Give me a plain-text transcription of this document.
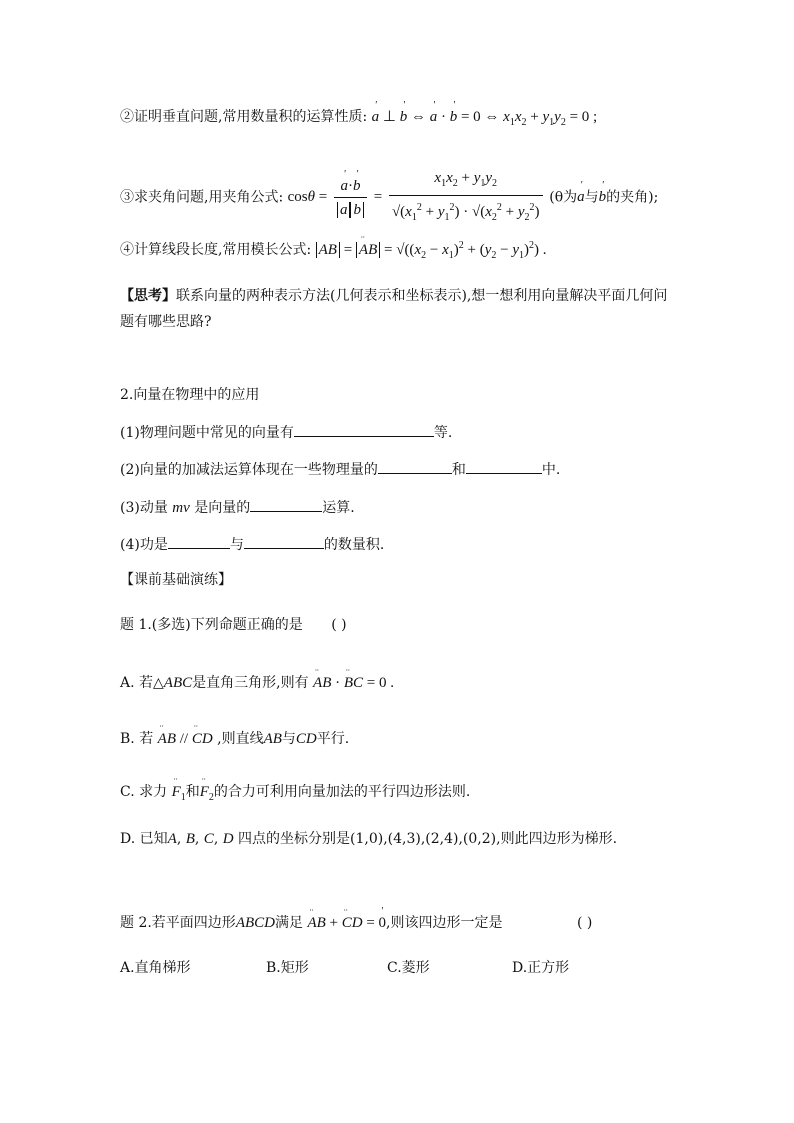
②证明垂直问题,常用数量积的运算性质: ' a ⊥ ' b ⇔ ' a · ' b = 0 ⇔ $x_1x_2 + y_1y_2 = 0$ ;
③求夹角问题,用夹角公式: cosθ = ' $\frac{a\cdot' b}{\text{a b}} = \frac{x_1x_2 + y_1y_2}{√(x_1^2 + y_1^2) \cdot √(x_2^2 + y_2^2)} (\theta$为' a与' b的夹角);
④计算线段长度,常用模长公式: AB = ʿʿ AB = $√((x_2 - x_1)^2 + (y_2 - y_1)^2)$ .
【思考】联系向量的两种表示方法(几何表示和坐标表示),想一想利用向量解决平面几何问
题有哪些思路?
2.向量在物理中的应用
(1)物理问题中常见的向量有	等.
(2)向量的加减法运算体现在一些物理量的	和	中.
(3)动量 mv 是向量的	运算.
(4)功是	与	的数量积.
【课前基础演练】
题 1.(多选)下列命题正确的是 ( )
A. 若△ABC是直角三角形,则有 ʿʿ AB · ʿʿ BC = 0 .
B. 若 ʿʿ AB // ʿʿ CD ,则直线AB与CD平行.
C. 求力 ʿʿ $F_1$和ʿʿ $F_2$的合力可利用向量加法的平行四边形法则.
D. 已知A, B, C, D 四点的坐标分别是(1,0),(4,3),(2,4),(0,2),则此四边形为梯形.
题 2.若平面四边形ABCD满足 ʿʿ AB + ʿʿ CD = ' 0,则该四边形一定是	( )
A.直角梯形	B.矩形	C.菱形	D.正方形
